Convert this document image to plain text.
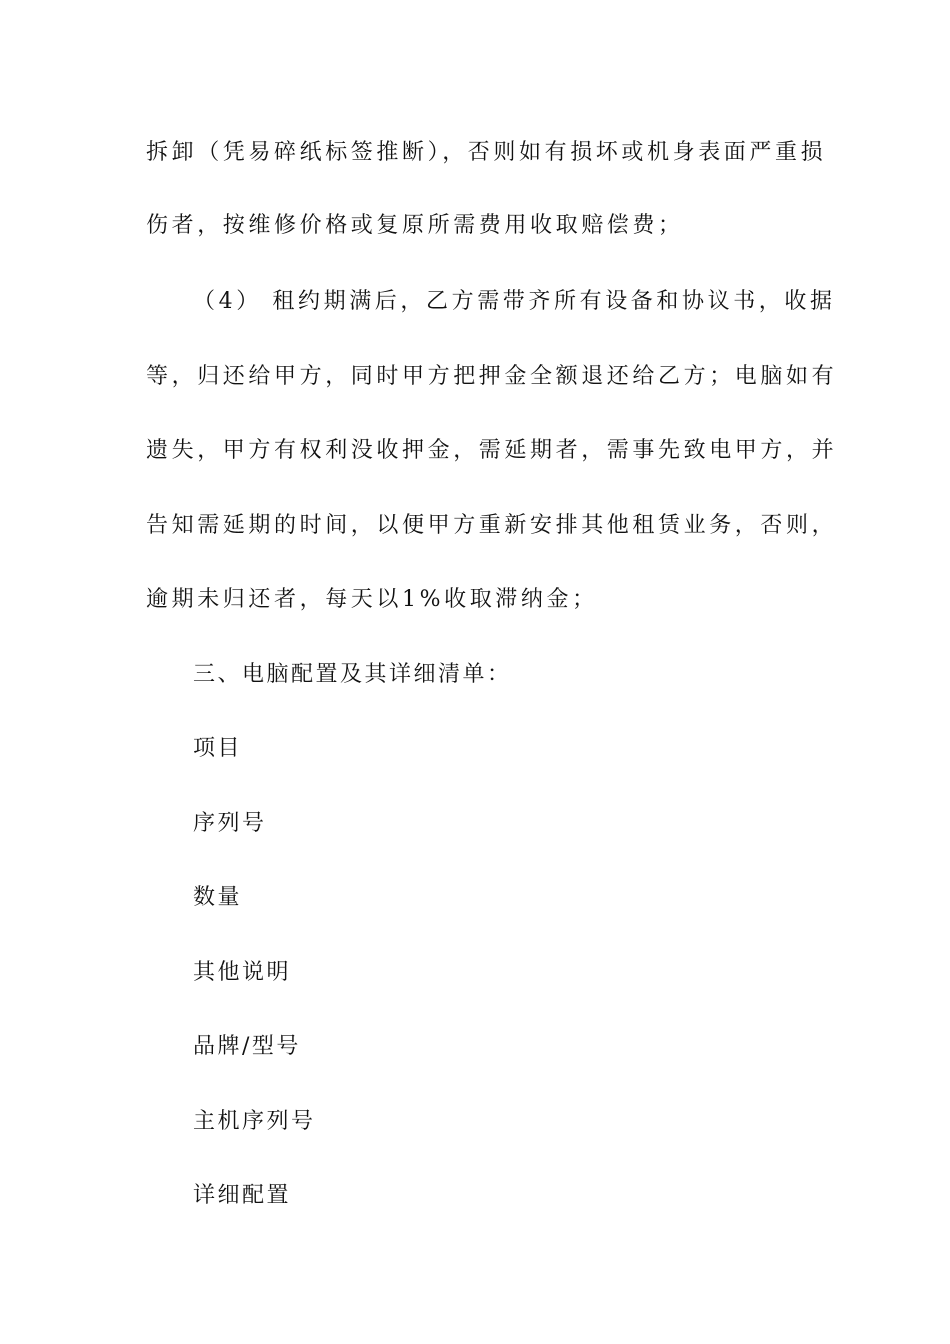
拆卸（凭易碎纸标签推断），否则如有损坏或机身表面严重损
伤者，按维修价格或复原所需费用收取赔偿费；
（4） 租约期满后，乙方需带齐所有设备和协议书，收据
等，归还给甲方，同时甲方把押金全额退还给乙方；电脑如有
遗失，甲方有权利没收押金，需延期者，需事先致电甲方，并
告知需延期的时间，以便甲方重新安排其他租赁业务，否则，
逾期未归还者，每天以1%收取滞纳金；
三、电脑配置及其详细清单：
项目
序列号
数量
其他说明
品牌/型号
主机序列号
详细配置
